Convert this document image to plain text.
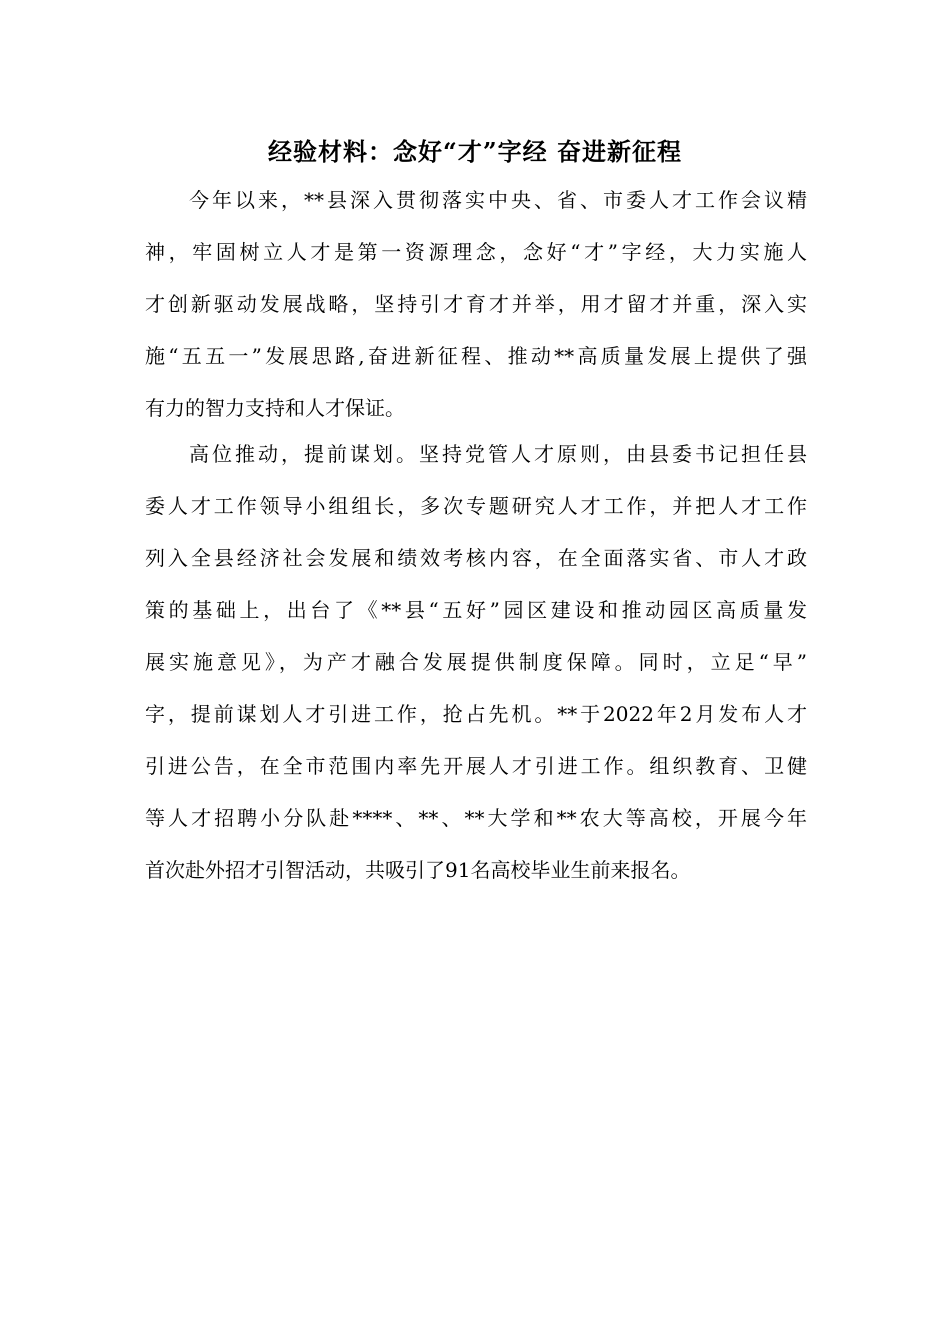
经验材料：念好“才”字经 奋进新征程
今年以来，**县深入贯彻落实中央、省、市委人才工作会议精
神，牢固树立人才是第一资源理念，念好“才”字经，大力实施人
才创新驱动发展战略，坚持引才育才并举，用才留才并重，深入实
施“五五一”发展思路,奋进新征程、推动**高质量发展上提供了强
有力的智力支持和人才保证。
高位推动，提前谋划。坚持党管人才原则，由县委书记担任县
委人才工作领导小组组长，多次专题研究人才工作，并把人才工作
列入全县经济社会发展和绩效考核内容，在全面落实省、市人才政
策的基础上，出台了《**县“五好”园区建设和推动园区高质量发
展实施意见》，为产才融合发展提供制度保障。同时，立足“早”
字，提前谋划人才引进工作，抢占先机。**于2022年2月发布人才
引进公告，在全市范围内率先开展人才引进工作。组织教育、卫健
等人才招聘小分队赴****、**、**大学和**农大等高校，开展今年
首次赴外招才引智活动，共吸引了91名高校毕业生前来报名。
